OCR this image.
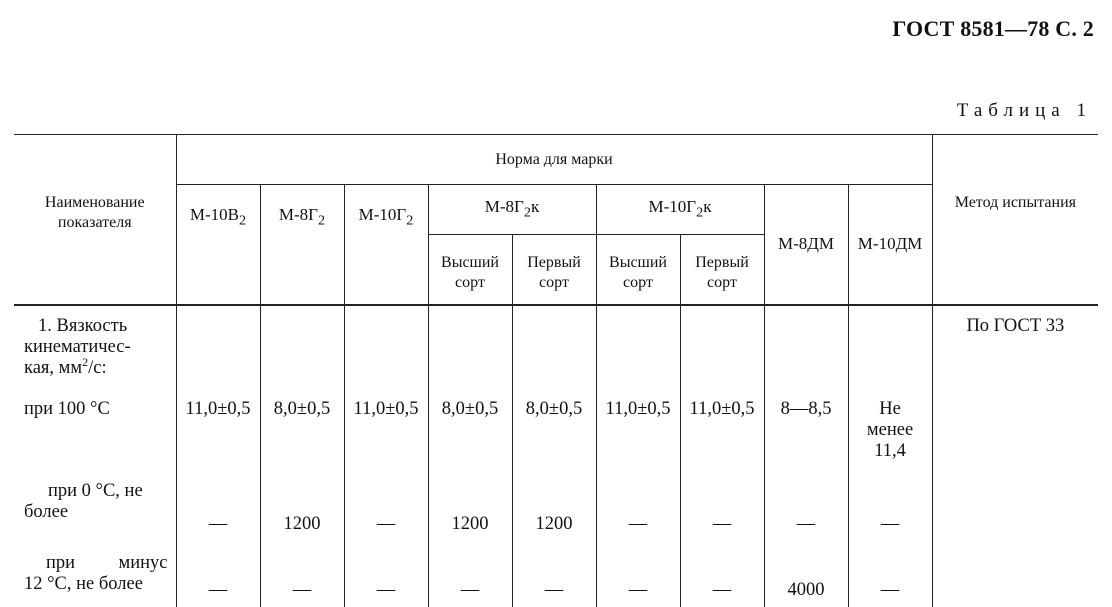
ГОСТ 8581—78 С. 2
Таблица 1
Наименование показателя	Норма для марки									Метод испытания
	$М-10В_2$	$М-8Г_2$	$М-10Г_2$	$М-8Г_2к$		$М-10Г_2к$		М-8ДМ	М-10ДМ	
				Высший сорт	Первый сорт	Высший сорт	Первый сорт			

1. Вязкость
кинематичес-
кая, $мм^2/с$:										По ГОСТ 33
при 100 °С	11,0±0,5	8,0±0,5	11,0±0,5	8,0±0,5	8,0±0,5	11,0±0,5	11,0±0,5	8—8,5	Не менее 11,4	

при 0 °С, не
более	—	1200	—	1200	1200	—	—	—	—	

при минус
12 °С, не более	—	—	—	—	—	—	—	4000	—	
